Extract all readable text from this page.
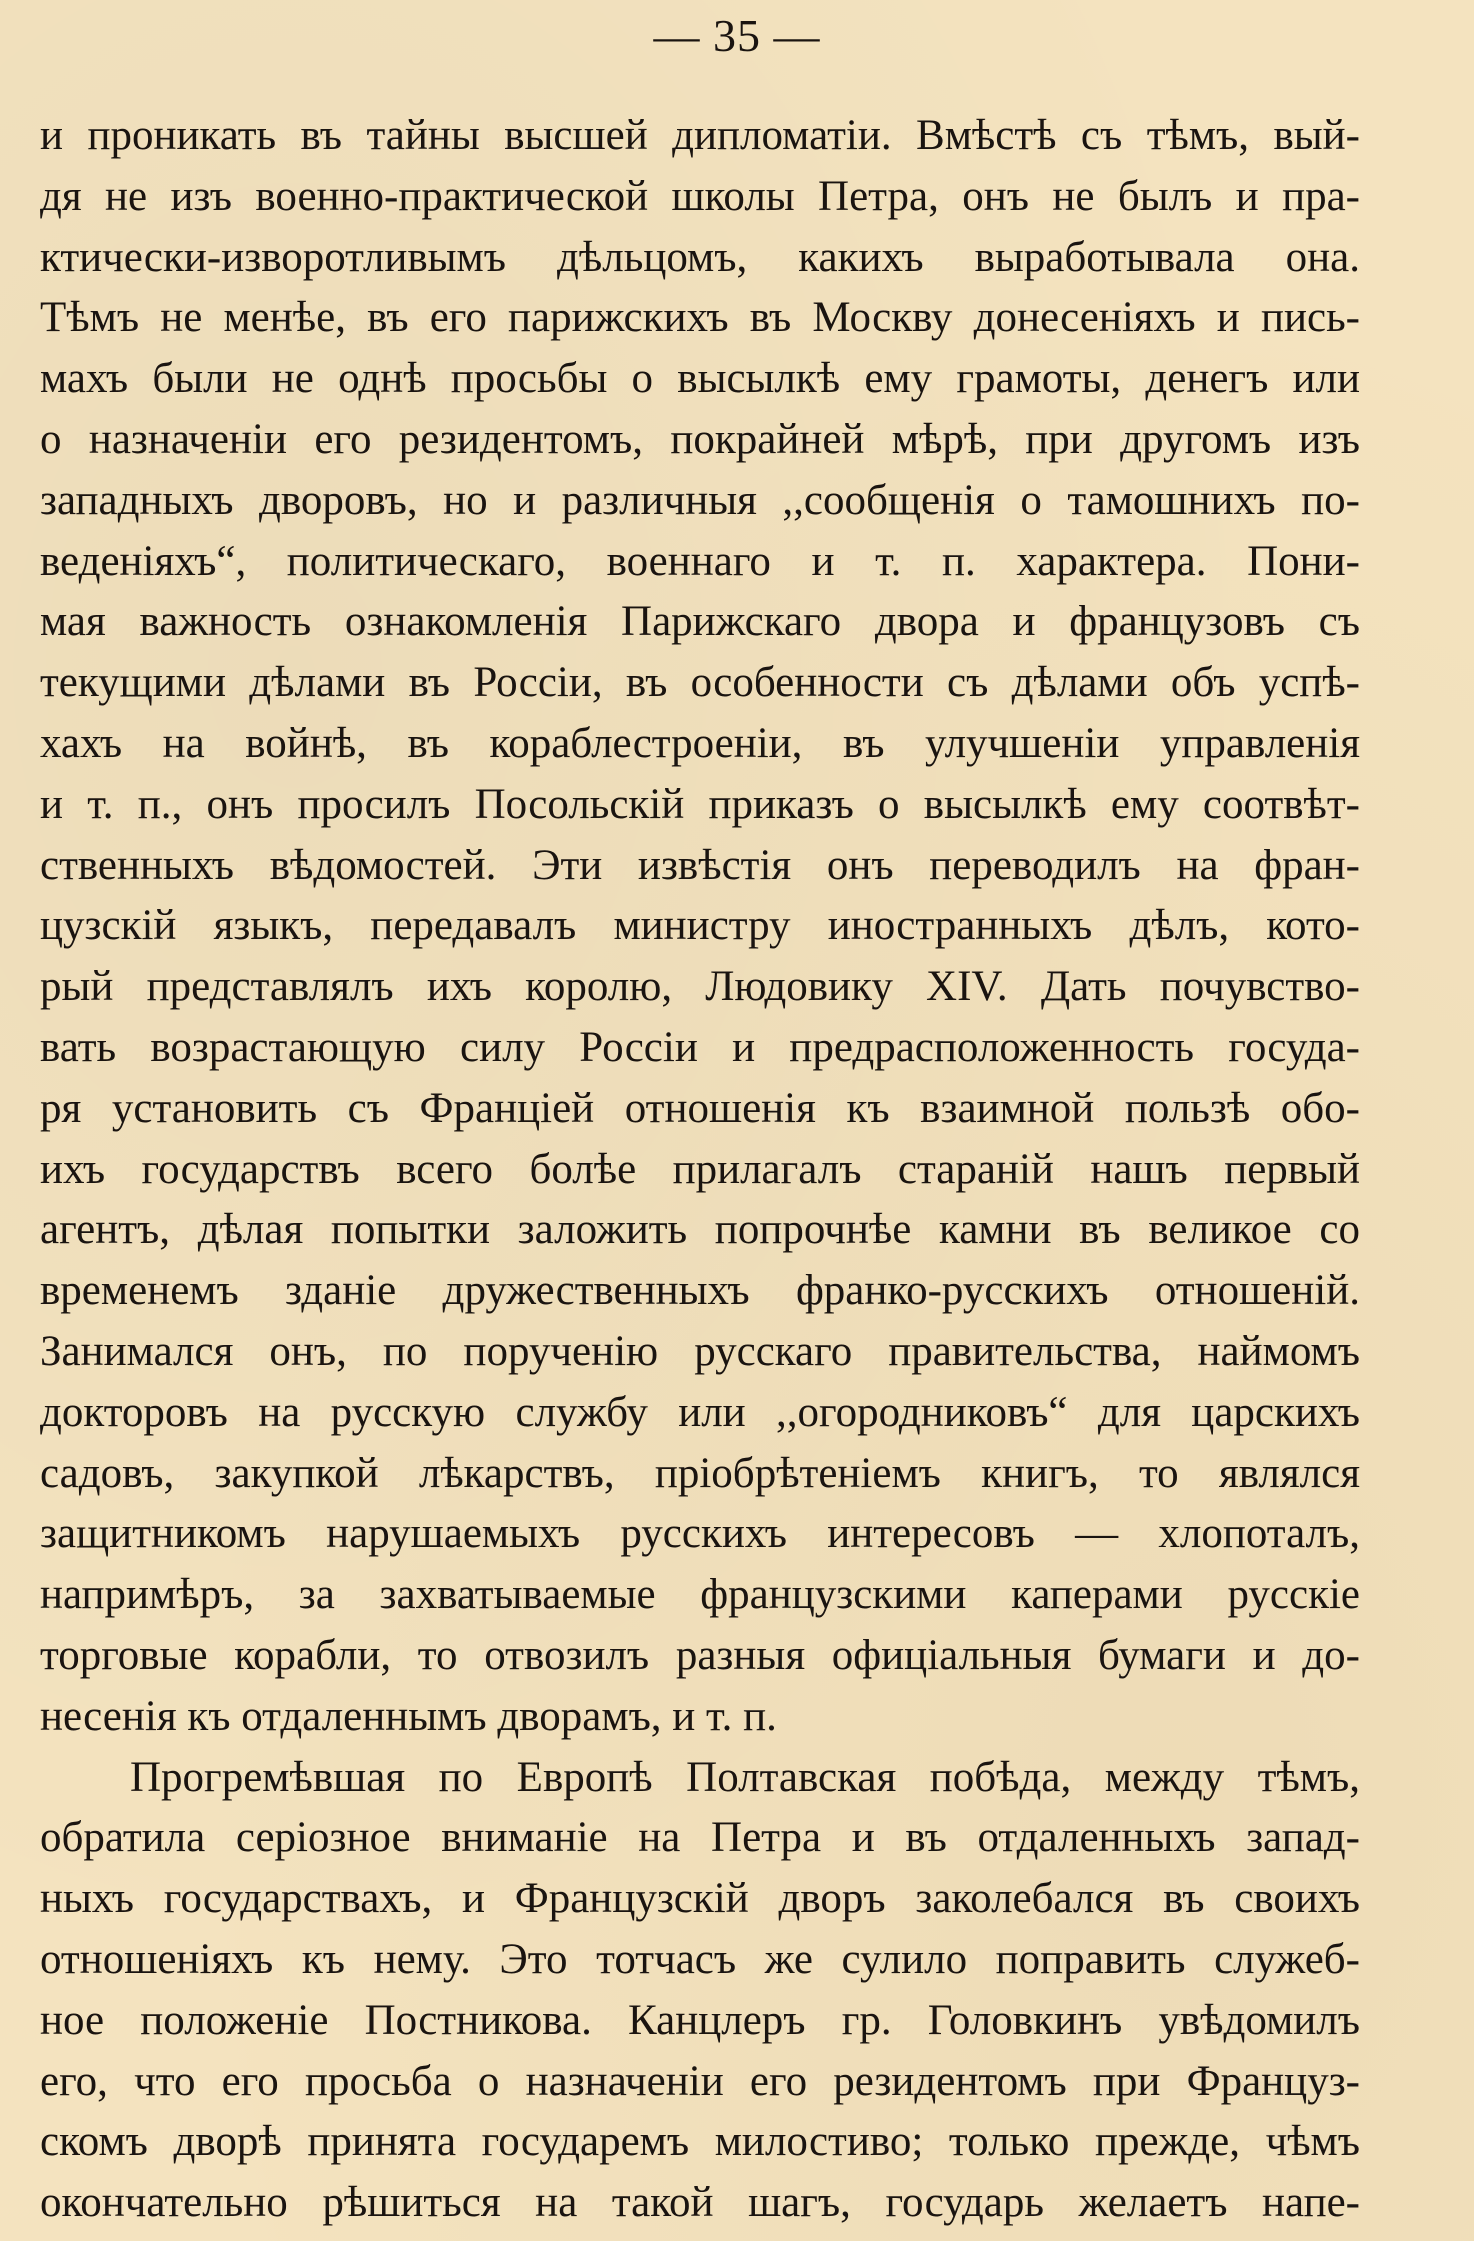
— 35 —
и проникать въ тайны высшей дипломатіи. Вмѣстѣ съ тѣмъ, вый-
дя не изъ военно-практической школы Петра, онъ не былъ и пра-
ктически-изворотливымъ дѣльцомъ, какихъ выработывала она.
Тѣмъ не менѣе, въ его парижскихъ въ Москву донесеніяхъ и пись-
махъ были не однѣ просьбы о высылкѣ ему грамоты, денегъ или
о назначеніи его резидентомъ, покрайней мѣрѣ, при другомъ изъ
западныхъ дворовъ, но и различныя ,,сообщенія о тамошнихъ по-
веденіяхъ“, политическаго, военнаго и т. п. характера. Пони-
мая важность ознакомленія Парижскаго двора и французовъ съ
текущими дѣлами въ Россіи, въ особенности съ дѣлами объ успѣ-
хахъ на войнѣ, въ кораблестроеніи, въ улучшеніи управленія
и т. п., онъ просилъ Посольскій приказъ о высылкѣ ему соотвѣт-
ственныхъ вѣдомостей. Эти извѣстія онъ переводилъ на фран-
цузскій языкъ, передавалъ министру иностранныхъ дѣлъ, кото-
рый представлялъ ихъ королю, Людовику XIV. Дать почувство-
вать возрастающую силу Россіи и предрасположенность госуда-
ря установить съ Франціей отношенія къ взаимной пользѣ обо-
ихъ государствъ всего болѣе прилагалъ стараній нашъ первый
агентъ, дѣлая попытки заложить попрочнѣе камни въ великое со
временемъ зданіе дружественныхъ франко-русскихъ отношеній.
Занимался онъ, по порученію русскаго правительства, наймомъ
докторовъ на русскую службу или ,,огородниковъ“ для царскихъ
садовъ, закупкой лѣкарствъ, пріобрѣтеніемъ книгъ, то являлся
защитникомъ нарушаемыхъ русскихъ интересовъ — хлопоталъ,
напримѣръ, за захватываемые французскими каперами русскіе
торговые корабли, то отвозилъ разныя офиціальныя бумаги и до-
несенія къ отдаленнымъ дворамъ, и т. п.
Прогремѣвшая по Европѣ Полтавская побѣда, между тѣмъ,
обратила серіозное вниманіе на Петра и въ отдаленныхъ запад-
ныхъ государствахъ, и Французскій дворъ заколебался въ своихъ
отношеніяхъ къ нему. Это тотчасъ же сулило поправить служеб-
ное положеніе Постникова. Канцлеръ гр. Головкинъ увѣдомилъ
его, что его просьба о назначеніи его резидентомъ при Француз-
скомъ дворѣ принята государемъ милостиво; только прежде, чѣмъ
окончательно рѣшиться на такой шагъ, государь желаетъ напе-
